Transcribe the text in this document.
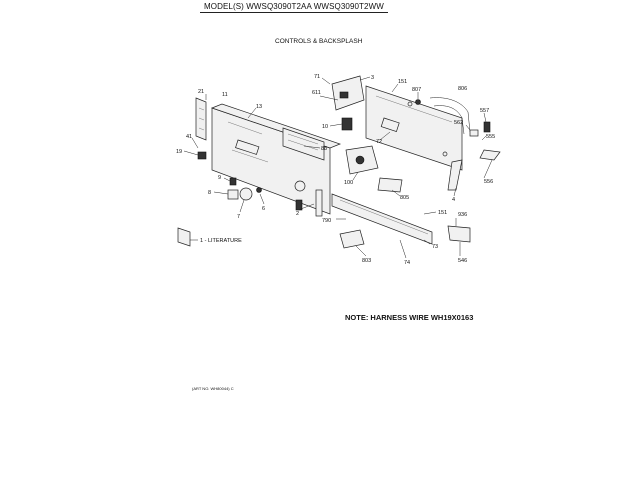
MODEL(S) WWSQ3090T2AA WWSQ3090T2WW
CONTROLS & BACKSPLASH
71	3
151
807	806
611
557
562
555
10
72
88
100
805
556
4
21	11
13
41
19
9
8
7
6
2
790
151 936
73
803	74	546
1 - LITERATURE
NOTE: HARNESS WIRE WH19X0163
(ART NO. WH80044) C
